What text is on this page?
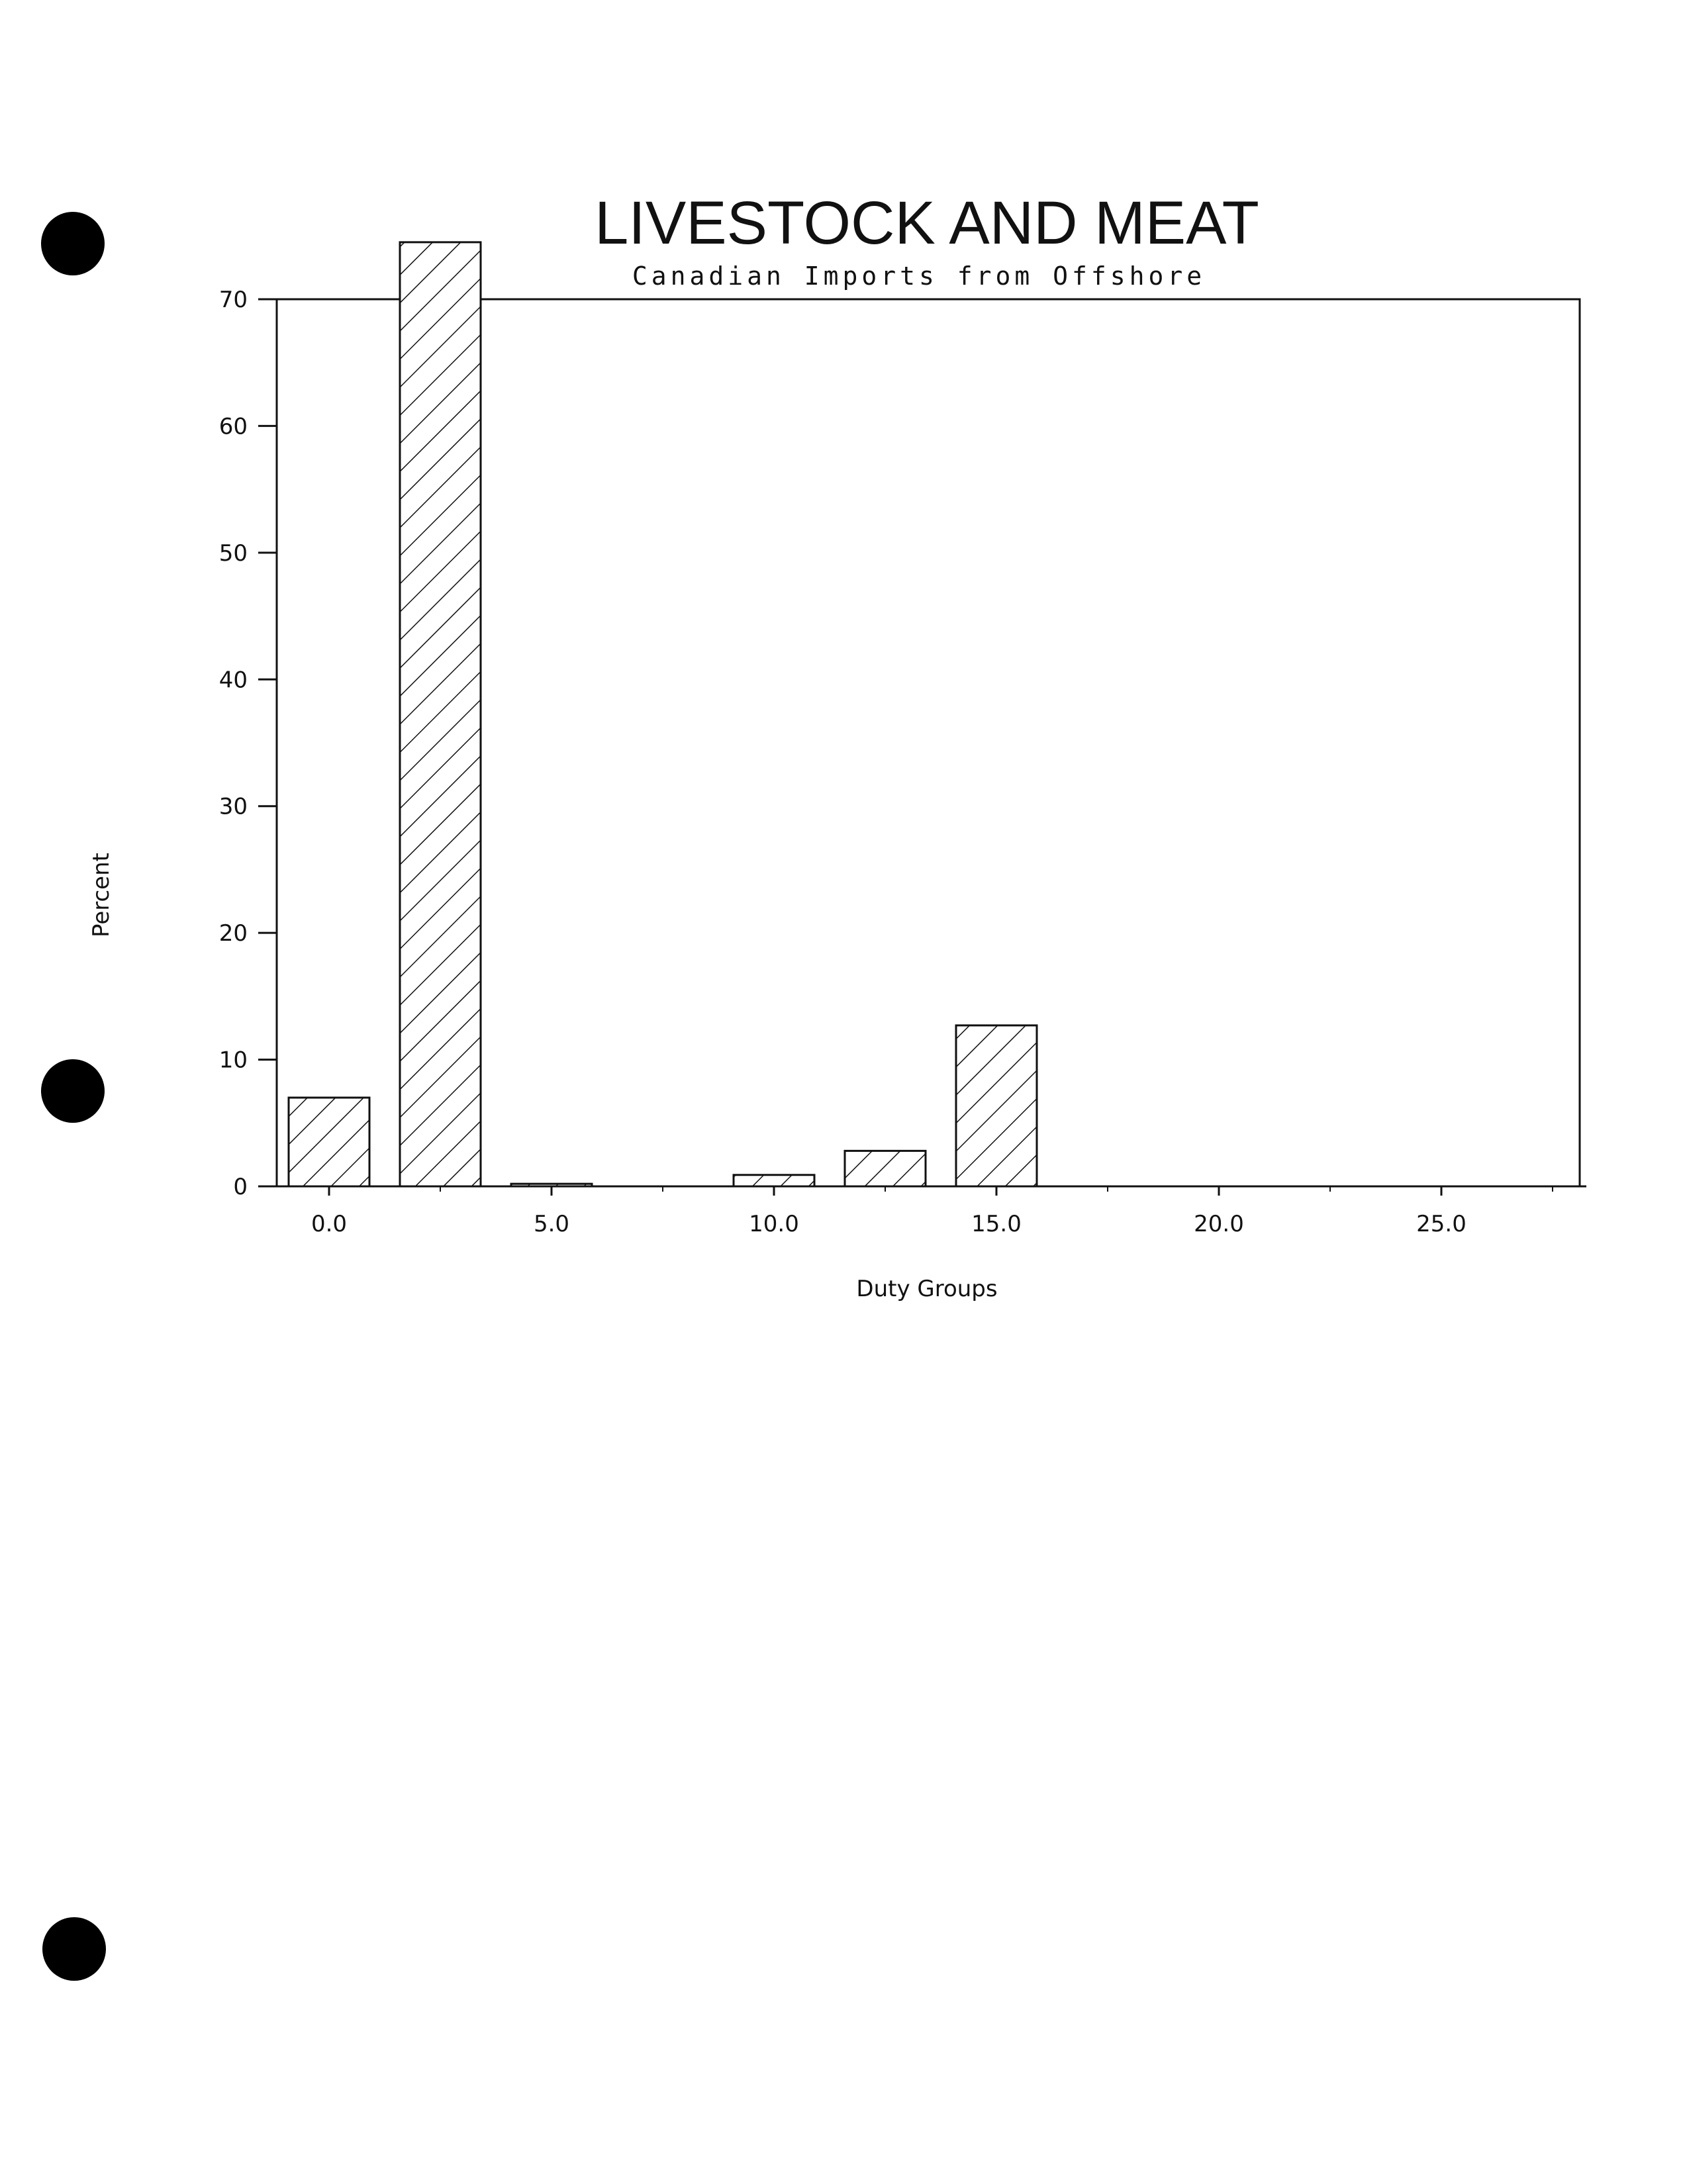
LIVESTOCK AND MEAT
Canadian Imports from Offshore
0
10
20
30
40
50
60
70
0.0	5.0	10.0	15.0	20.0	25.0
Duty Groups
Percent
